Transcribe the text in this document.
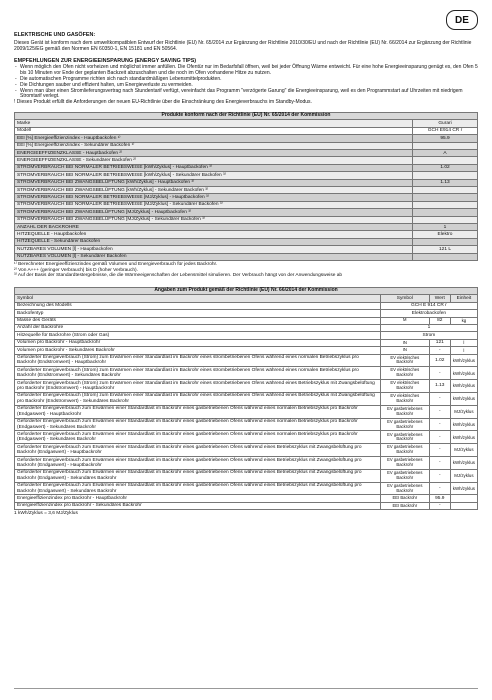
DE
ELEKTRISCHE UND GASÖFEN:
Dieses Gerät ist konform nach dem umweltkompatiblen Entwurf der Richtlinie (EU) Nr. 65/2014 zur Ergänzung der Richtlinie 2010/30/EU und nach der Richtlinie (EU) Nr. 66/2014 zur Ergänzung der Richtlinie 2009/125/EG gemäß den Normen EN 60350-1, EN 15181 und EN 50564.
EMPFEHLUNGEN ZUR ENERGIEEINSPARUNG (ENERGY SAVING TIPS)
- Wenn möglich den Ofen nicht vorheizen und möglichst immer anfüllen. Die Ofentür nur im Bedarfsfall öffnen, weil bei jeder Öffnung Wärme entweicht. Für eine hohe Energieeinsparung genügt es, den Ofen 5 bis 10 Minuten vor Ende der geplanten Backzeit abzuschalten und die noch im Ofen vorhandene Hitze zu nutzen.
- Die automatischen Programme richten sich nach standardmäßigen Lebensmittelprodukten.
- Die Dichtungen sauber und effizient halten, um Energieverluste zu vermeiden.
- Wenn man über einen Stromlieferungsvertrag nach Stundentarif verfügt, vereinfacht das Programm "verzögerte Garung" die Energieeinsparung, weil es den Programmstart auf Uhrzeiten mit niedrigem Stromtarif verlegt.
! Dieses Produkt erfüllt die Anforderungen der neuen EU-Richtlinie über die Einschränkung des Energieverbrauchs im Standby-Modus.
Produkte konform nach der Richtlinie (EU) Nr. 65/2014 der Kommission	
Marke	Gurari
Modell	GCH E914 CR r
EEI [%] Energieeffizienzindex - Hauptbackofen ¹⁾	95.9
EEI [%] Energieeffizienzindex - Sekundärer Backofen ¹⁾	
ENERGIEEFFIZIENZKLASSE - Hauptbackofen ²⁾	A
ENERGIEEFFIZIENZKLASSE - Sekundärer Backofen ²⁾	
STROMVERBRAUCH BEI NORMALER BETRIEBSWEISE [kWh/Zyklus] - Hauptbackofen ³⁾	1.02
STROMVERBRAUCH BEI NORMALER BETRIEBSWEISE [kWh/Zyklus] - Sekundärer Backofen ³⁾	
STROMVERBRAUCH BEI ZWANGSBELÜFTUNG [kWh/Zyklus] - Hauptbackofen ³⁾	1.13
STROMVERBRAUCH BEI ZWANGSBELÜFTUNG [kWh/Zyklus] - Sekundärer Backofen ³⁾	
STROMVERBRAUCH BEI NORMALER BETRIEBSWEISE [MJ/Zyklus] - Hauptbackofen ³⁾	
STROMVERBRAUCH BEI NORMALER BETRIEBSWEISE [MJ/Zyklus] - Sekundärer Backofen ³⁾	
STROMVERBRAUCH BEI ZWANGSBELÜFTUNG [MJ/Zyklus] - Hauptbackofen ³⁾	
STROMVERBRAUCH BEI ZWANGSBELÜFTUNG [MJ/Zyklus] - Sekundärer Backofen ³⁾	
ANZAHL DER BACKROHRE	1
HITZEQUELLE - Hauptbackofen	Elektro
HITZEQUELLE - Sekundärer Backofen	
NUTZBARES VOLUMEN [l] - Hauptbackofen	121 L
NUTZBARES VOLUMEN [l] - Sekundärer Backofen	
¹⁾ Berechneter Energieeffizienzindex gemäß Volumen und Energieverbrauch für jedes Backrohr.
²⁾ Von A+++ (geringer Verbrauch) bis D (hoher Verbrauch).
³⁾ Auf der Basis der Standardtestergebnisse, die die Wärmeeigenschaften der Lebensmittel simulieren. Der Verbrauch hängt von der Anwendungsweise ab
Angaben zum Produkt gemäß der Richtlinie (EU) Nr. 66/2014 der Kommission			
Symbol	Symbol	Wert	Einheit
Bezeichnung des Modells	GCH E 914 CR r		
Backofentyp	Elektrobackofen		
Masse des Geräts	M	82	kg
Anzahl der Backrohre	1		
Hitzequelle für Backrohre (Strom oder Gas)	Strom		
Volumen pro Backrohr - Hauptbackrohr	IN	121	l
Volumen pro Backrohr - Sekundäres Backrohr	IN	-	l
Geforderter Energieverbrauch (Strom) zum Erwärmen einer Standardlast im Backrohr eines strombetriebenen Ofens während eines normalen Betriebszyklus pro Backrohr (Endstromwert) - Hauptbackrohr	EV elektrisches Backrohr	1.02	kWh/zyklus
Geforderter Energieverbrauch (Strom) zum Erwärmen einer Standardlast im Backrohr eines strombetriebenen Ofens während eines normalen Betriebszyklus pro Backrohr (Endstromwert) - Sekundäres Backrohr	EV elektrisches Backrohr	-	kWh/zyklus
Geforderter Energieverbrauch (Strom) zum Erwärmen einer Standardlast im Backrohr eines strombetriebenen Ofens während eines Betriebszyklus mit Zwangsbelüftung pro Backrohr (Endstromwert) - Hauptbackrohr	EV elektrisches Backrohr	1.13	kWh/zyklus
Geforderter Energieverbrauch (Strom) zum Erwärmen einer Standardlast im Backrohr eines strombetriebenen Ofens während eines Betriebszyklus mit Zwangsbelüftung pro Backrohr (Endstromwert) - Sekundäres Backrohr	EV elektrisches Backrohr	-	kWh/zyklus
Geforderter Energieverbrauch zum Erwärmen einer Standardlast im Backrohr eines gasbetriebenen Ofens während eines normalen Betriebszyklus pro Backrohr (Endgaswert) - Hauptbackrohr	EV gasbetriebenes Backrohr	-	MJ/zyklus
Geforderter Energieverbrauch zum Erwärmen einer Standardlast im Backrohr eines gasbetriebenen Ofens während eines normalen Betriebszyklus pro Backrohr (Endgaswert) - Sekundäres Backrohr	EV gasbetriebenes Backrohr	-	kWh/zyklus
Geforderter Energieverbrauch zum Erwärmen einer Standardlast im Backrohr eines gasbetriebenen Ofens während eines normalen Betriebszyklus pro Backrohr (Endgaswert) - Sekundäres Backrohr	EV gasbetriebenes Backrohr	-	kWh/zyklus
Geforderter Energieverbrauch zum Erwärmen einer Standardlast im Backrohr eines gasbetriebenen Ofens während eines Betriebszyklus mit Zwangsbelüftung pro Backrohr (Endgaswert) - Hauptbackrohr	EV gasbetriebenes Backrohr	-	MJ/zyklus
Geforderter Energieverbrauch zum Erwärmen einer Standardlast im Backrohr eines gasbetriebenen Ofens während eines Betriebszyklus mit Zwangsbelüftung pro Backrohr (Endgaswert) - Hauptbackrohr	EV gasbetriebenes Backrohr	-	kWh/zyklus
Geforderter Energieverbrauch zum Erwärmen einer Standardlast im Backrohr eines gasbetriebenen Ofens während eines Betriebszyklus mit Zwangsbelüftung pro Backrohr (Endgaswert) - Sekundäres Backrohr	EV gasbetriebenes Backrohr	-	MJ/zyklus
Geforderter Energieverbrauch zum Erwärmen einer Standardlast im Backrohr eines gasbetriebenen Ofens während eines Betriebszyklus mit Zwangsbelüftung pro Backrohr (Endgaswert) - Sekundäres Backrohr	EV gasbetriebenes Backrohr	-	kWh/zyklus
Energieeffizienzindex pro Backrohr - Hauptbackrohr	EEI Backrohr	95.9	
Energieeffizienzindex pro Backrohr - Sekundäres Backrohr	EEI Backrohr	-	
1 kWh/Zyklus = 3,6 MJ/Zyklus
